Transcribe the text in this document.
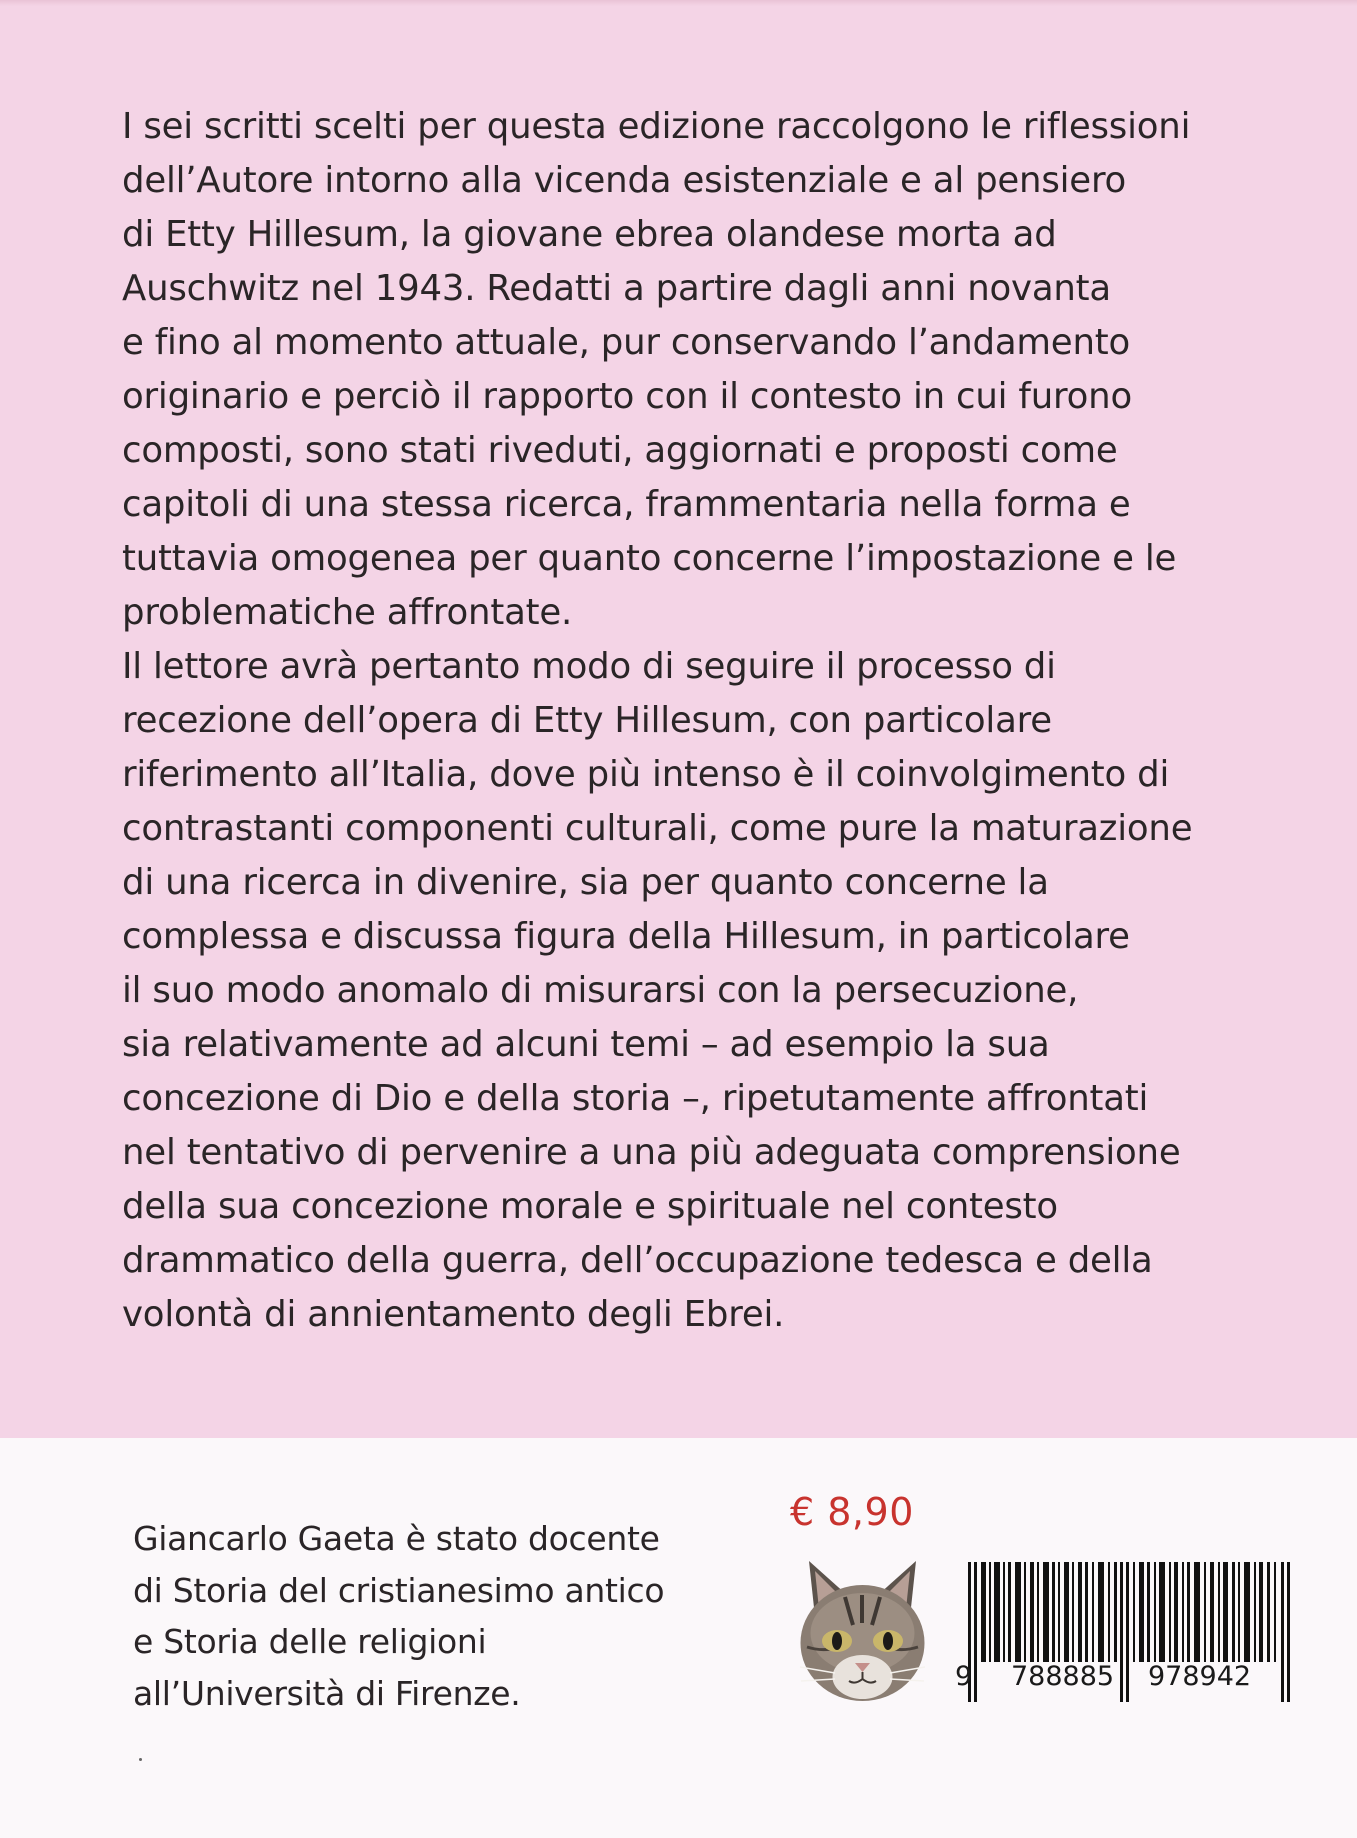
I sei scritti scelti per questa edizione raccolgono le riflessioni
dell’Autore intorno alla vicenda esistenziale e al pensiero
di Etty Hillesum, la giovane ebrea olandese morta ad
Auschwitz nel 1943. Redatti a partire dagli anni novanta
e fino al momento attuale, pur conservando l’andamento
originario e perciò il rapporto con il contesto in cui furono
composti, sono stati riveduti, aggiornati e proposti come
capitoli di una stessa ricerca, frammentaria nella forma e
tuttavia omogenea per quanto concerne l’impostazione e le
problematiche affrontate.
Il lettore avrà pertanto modo di seguire il processo di
recezione dell’opera di Etty Hillesum, con particolare
riferimento all’Italia, dove più intenso è il coinvolgimento di
contrastanti componenti culturali, come pure la maturazione
di una ricerca in divenire, sia per quanto concerne la
complessa e discussa figura della Hillesum, in particolare
il suo modo anomalo di misurarsi con la persecuzione,
sia relativamente ad alcuni temi – ad esempio la sua
concezione di Dio e della storia –, ripetutamente affrontati
nel tentativo di pervenire a una più adeguata comprensione
della sua concezione morale e spirituale nel contesto
drammatico della guerra, dell’occupazione tedesca e della
volontà di annientamento degli Ebrei.
Giancarlo Gaeta è stato docente
di Storia del cristianesimo antico
e Storia delle religioni
all’Università di Firenze.
€ 8,90
9 788885 978942
